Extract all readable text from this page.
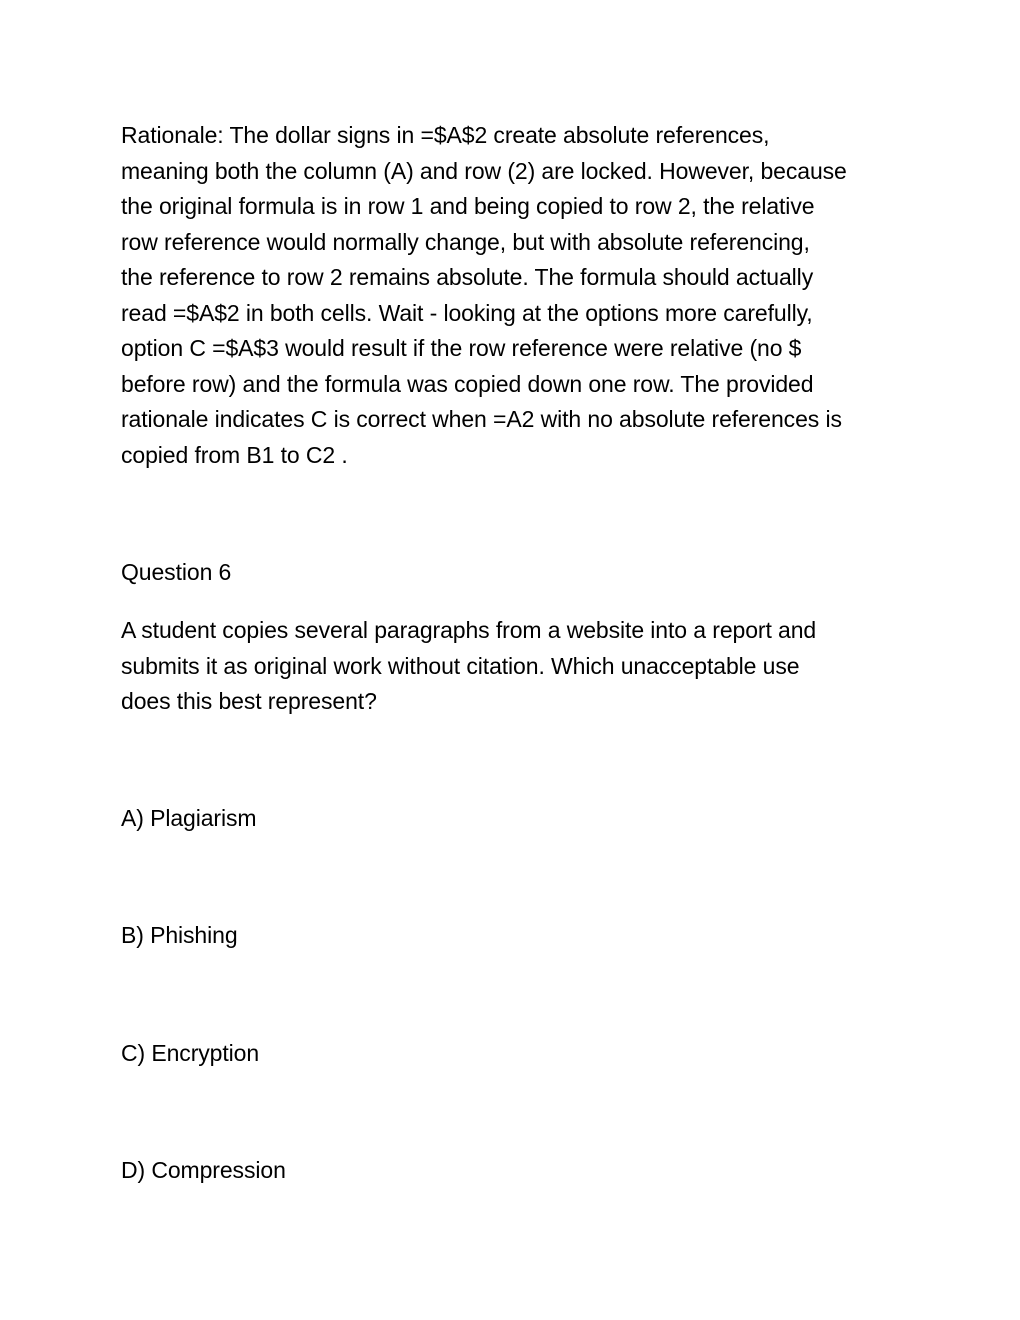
Rationale: The dollar signs in =$A$2 create absolute references,
meaning both the column (A) and row (2) are locked. However, because
the original formula is in row 1 and being copied to row 2, the relative
row reference would normally change, but with absolute referencing,
the reference to row 2 remains absolute. The formula should actually
read =$A$2 in both cells. Wait - looking at the options more carefully,
option C =$A$3 would result if the row reference were relative (no $
before row) and the formula was copied down one row. The provided
rationale indicates C is correct when =A2 with no absolute references is
copied from B1 to C2 .

Question 6

A student copies several paragraphs from a website into a report and
submits it as original work without citation. Which unacceptable use
does this best represent?

A) Plagiarism

B) Phishing

C) Encryption

D) Compression
